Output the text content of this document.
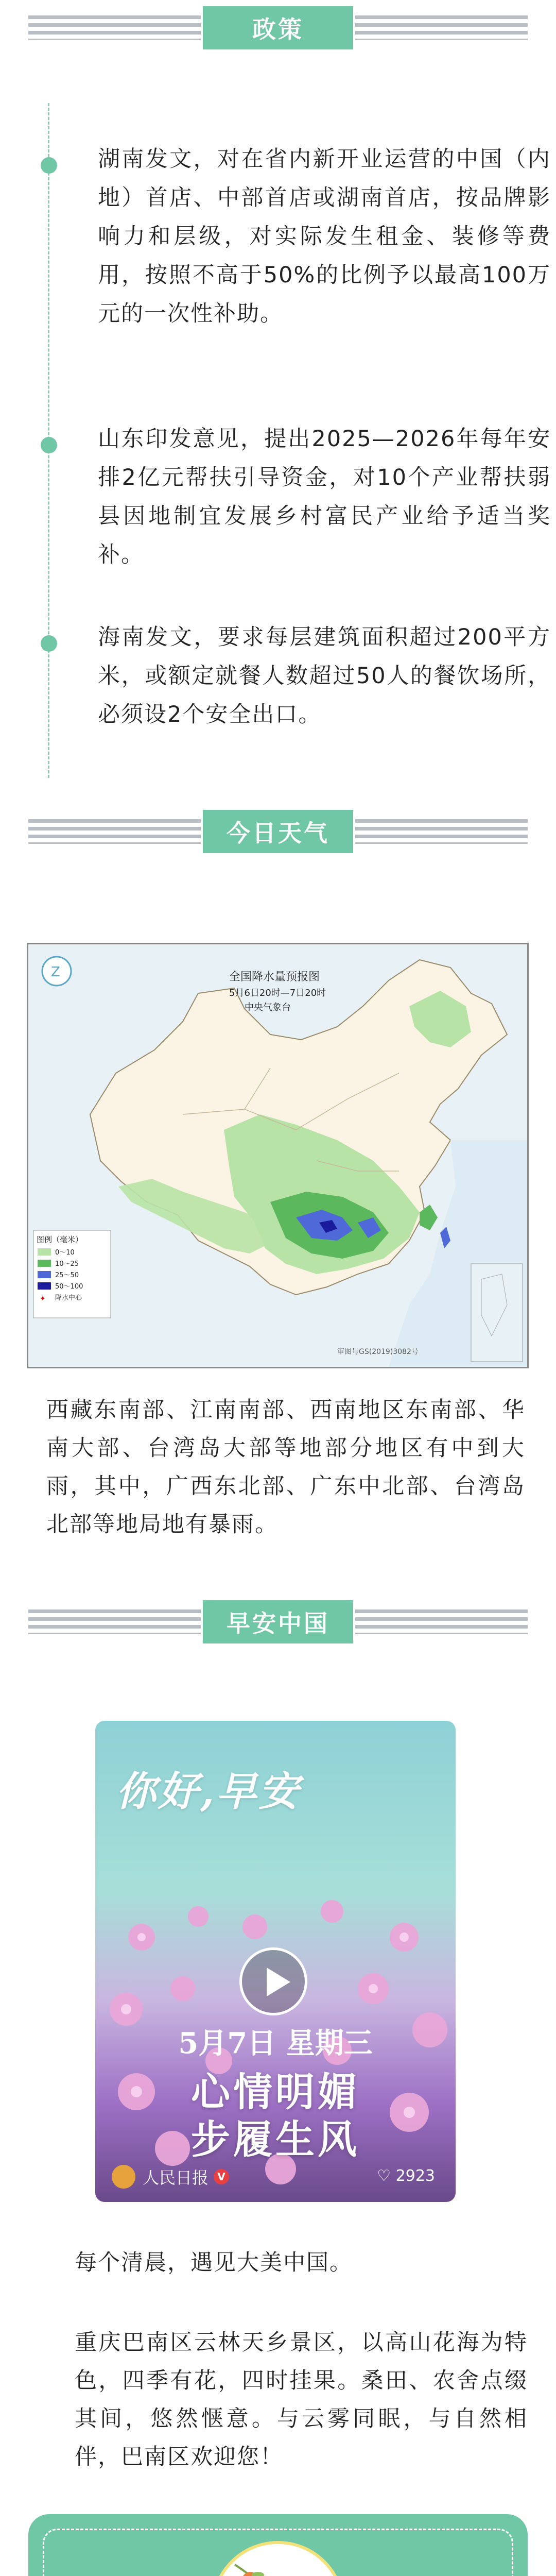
政策
湖南发文，对在省内新开业运营的中国（内地）首店、中部首店或湖南首店，按品牌影响力和层级，对实际发生租金、装修等费用，按照不高于50%的比例予以最高100万元的一次性补助。
山东印发意见，提出2025—2026年每年安排2亿元帮扶引导资金，对10个产业帮扶弱县因地制宜发展乡村富民产业给予适当奖补。
海南发文，要求每层建筑面积超过200平方米，或额定就餐人数超过50人的餐饮场所，必须设2个安全出口。
今日天气
全国降水量预报图
5月6日20时—7日20时
中央气象台
Z
图例（毫米）
0～10
10～25
25～50
50～100
✦ 降水中心
审图号GS(2019)3082号
西藏东南部、江南南部、西南地区东南部、华南大部、台湾岛大部等地部分地区有中到大雨，其中，广西东北部、广东中北部、台湾岛北部等地局地有暴雨。
早安中国
你好,早安
5月7日 星期三
心情明媚
步履生风
人民日报 V	♡ 2923
每个清晨，遇见大美中国。
重庆巴南区云林天乡景区，以高山花海为特色，四季有花，四时挂果。桑田、农舍点缀其间，悠然惬意。与云雾同眠，与自然相伴，巴南区欢迎您！
